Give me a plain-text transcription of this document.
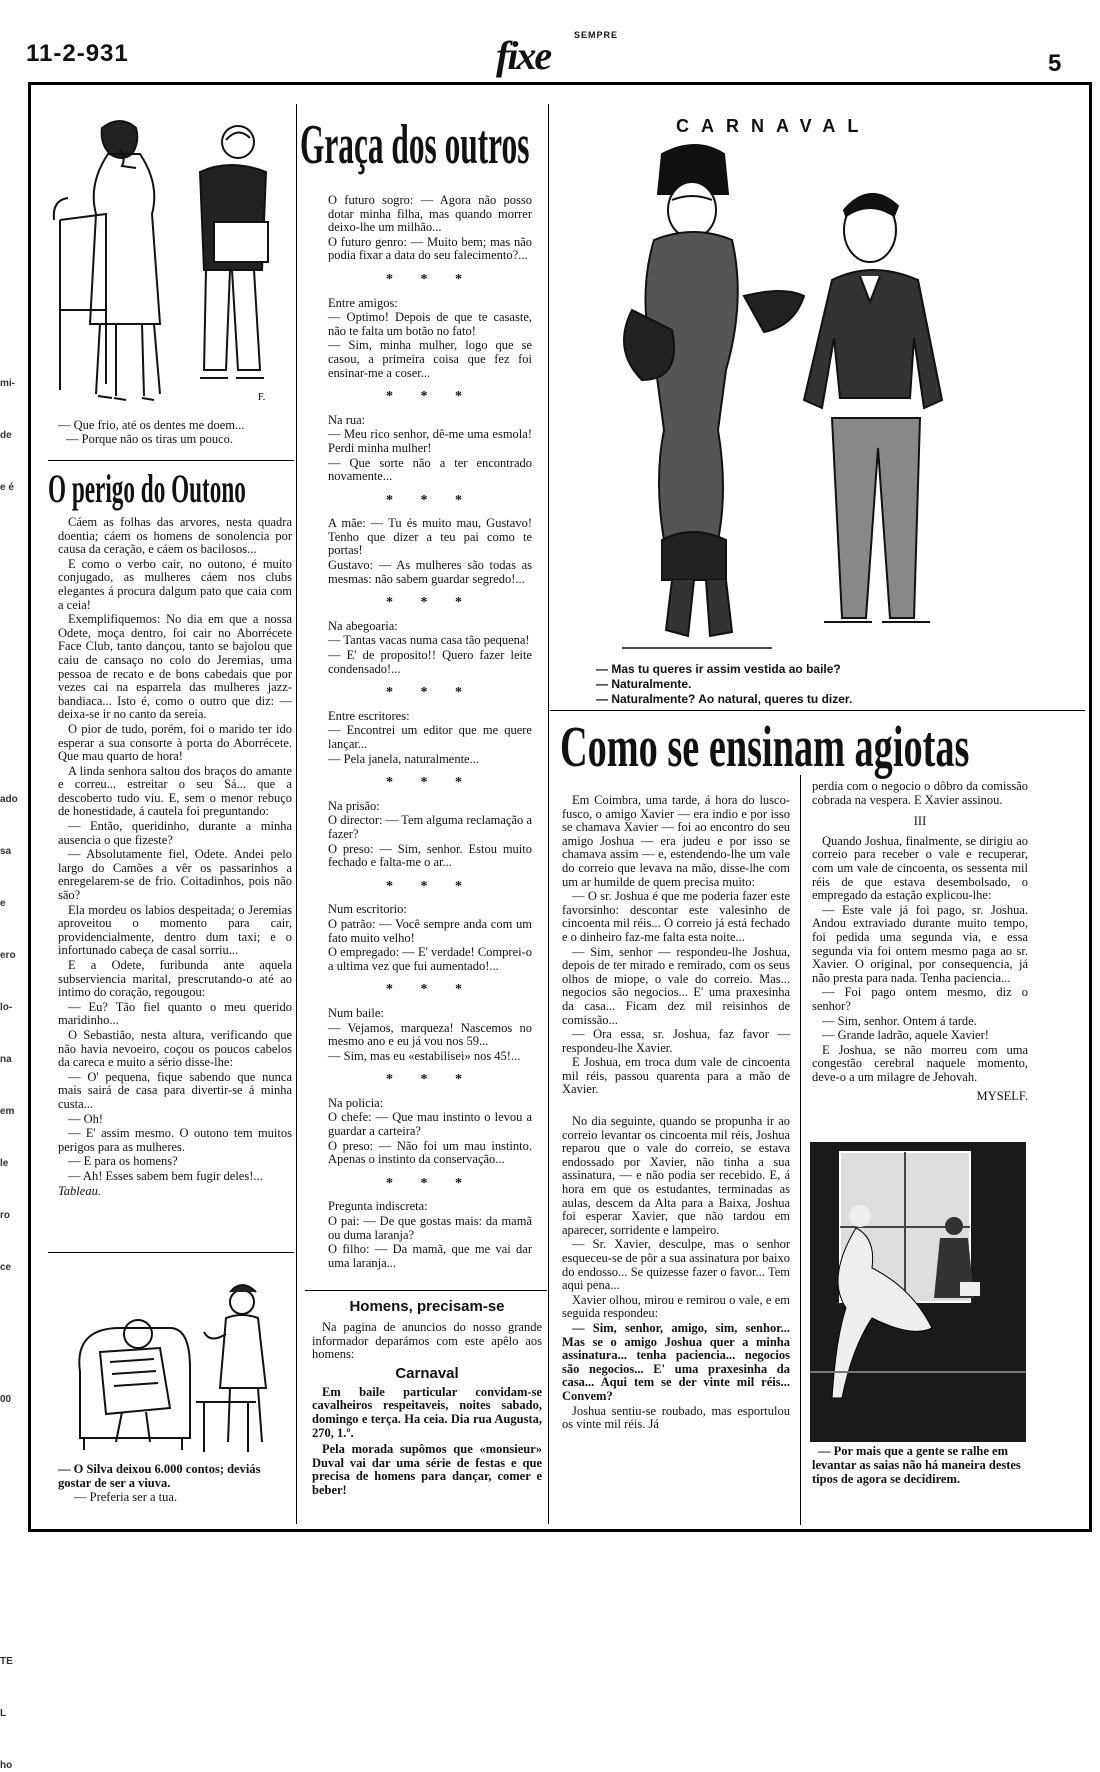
11-2-931
SEMPRE
fixe	5
mi-
de
e é
ado
sa
e
ero
lo-
na
em
le
ro
ce
00
TE
L
ho
F.

— Que frio, até os dentes me doem...

— Porque não os tiras um pouco.

O perigo do Outono

Cáem as folhas das arvores, nesta quadra doentia; cáem os homens de sonolencia por causa da ceração, e cáem os bacilosos...

E como o verbo cair, no outono, é muito conjugado, as mulheres cáem nos clubs elegantes á procura dalgum pato que caia com a ceia!

Exemplifiquemos: No dia em que a nossa Odete, moça dentro, foi cair no Aborrécete Face Club, tanto dançou, tanto se bajolou que caiu de cansaço no colo do Jeremias, uma pessoa de recato e de bons cabedais que por vezes cai na esparrela das mulheres jazz-bandiaca... Isto é, como o outro que diz: — deixa-se ir no canto da sereia.

O pior de tudo, porém, foi o marido ter ido esperar a sua consorte à porta do Aborrécete. Que mau quarto de hora!

A linda senhora saltou dos braços do amante e correu... estreitar o seu Sá... que a descoberto tudo viu. E, sem o menor rebuço de honestidade, á cautela foi preguntando:

— Então, queridinho, durante a minha ausencia o que fizeste?

— Absolutamente fiel, Odete. Andei pelo largo do Camões a vêr os passarinhos a enregelarem-se de frio. Coitadinhos, pois não são?

Ela mordeu os labios despeitada; o Jeremias aproveitou o momento para cair, providencialmente, dentro dum taxi; e o infortunado cabeça de casal sorriu...

E a Odete, furibunda ante aquela subserviencia marital, prescrutando-o até ao intimo do coração, regougou:

— Eu? Tão fiel quanto o meu querido maridinho...

O Sebastião, nesta altura, verificando que não havia nevoeiro, coçou os poucos cabelos da careca e muito a sério disse-lhe:

— O' pequena, fique sabendo que nunca mais sairá de casa para divertir-se á minha custa...

— Oh!

— E' assim mesmo. O outono tem muitos perigos para as mulheres.

— E para os homens?

— Ah! Esses sabem bem fugir deles!...

Tableau.

— O Silva deixou 6.000 contos; deviás gostar de ser a viuva.

— Preferia ser a tua.

Graça dos outros

O futuro sogro: — Agora não posso dotar minha filha, mas quando morrer deixo-lhe um milhão...

O futuro genro: — Muito bem; mas não podia fixar a data do seu falecimento?...

* * *

Entre amigos:

— Optimo! Depois de que te casaste, não te falta um botão no fato!

— Sim, minha mulher, logo que se casou, a primeira coisa que fez foi ensinar-me a coser...

* * *

Na rua:

— Meu rico senhor, dê-me uma esmola! Perdi minha mulher!

— Que sorte não a ter encontrado novamente...

* * *

A mãe: — Tu és muito mau, Gustavo! Tenho que dizer a teu pai como te portas!

Gustavo: — As mulheres são todas as mesmas: não sabem guardar segredo!...

* * *

Na abegoaria:

— Tantas vacas numa casa tão pequena!

— E' de proposito!! Quero fazer leite condensado!...

* * *

Entre escritores:

— Encontrei um editor que me quere lançar...

— Pela janela, naturalmente...

* * *

Na prisão:

O director: — Tem alguma reclamação a fazer?

O preso: — Sim, senhor. Estou muito fechado e falta-me o ar...

* * *

Num escritorio:

O patrão: — Você sempre anda com um fato muito velho!

O empregado: — E' verdade! Comprei-o a ultima vez que fui aumentado!...

* * *

Num baile:

— Vejamos, marqueza! Nascemos no mesmo ano e eu já vou nos 59...

— Sim, mas eu «estabilisei» nos 45!...

* * *

Na policia:

O chefe: — Que mau instinto o levou a guardar a carteira?

O preso: — Não foi um mau instinto. Apenas o instinto da conservação...

* * *

Pregunta indiscreta:

O pai: — De que gostas mais: da mamã ou duma laranja?

O filho: — Da mamã, que me vai dar uma laranja...

Homens, precisam-se

Na pagina de anuncios do nosso grande informador deparámos com este apêlo aos homens:

Carnaval

Em baile particular convidam-se cavalheiros respeitaveis, noites sabado, domingo e terça. Ha ceia. Dia rua Augusta, 270, 1.º.

Pela morada supômos que «monsieur» Duval vai dar uma série de festas e que precisa de homens para dançar, comer e beber!

CARNAVAL

— Mas tu queres ir assim vestida ao baile?

— Naturalmente.

— Naturalmente? Ao natural, queres tu dizer.

Como se ensinam agiotas

Em Coimbra, uma tarde, á hora do lusco-fusco, o amigo Xavier — era indio e por isso se chamava Xavier — foi ao encontro do seu amigo Joshua — era judeu e por isso se chamava assim — e, estendendo-lhe um vale do correio que levava na mão, disse-lhe com um ar humilde de quem precisa muito:

— O sr. Joshua é que me poderia fazer este favorsinho: descontar este valesinho de cincoenta mil réis... O correio já está fechado e o dinheiro faz-me falta esta noite...

— Sim, senhor — respondeu-lhe Joshua, depois de ter mirado e remirado, com os seus olhos de miope, o vale do correio. Mas... negocios são negocios... E' uma praxesinha da casa... Ficam dez mil reisinhos de comissão...

— Ora essa, sr. Joshua, faz favor — respondeu-lhe Xavier.

E Joshua, em troca dum vale de cincoenta mil réis, passou quarenta para a mão de Xavier.

No dia seguinte, quando se propunha ir ao correio levantar os cincoenta mil réis, Joshua reparou que o vale do correio, se estava endossado por Xavier, não tinha a sua assinatura, — e não podia ser recebido. E, á hora em que os estudantes, terminadas as aulas, descem da Alta para a Baixa, Joshua foi esperar Xavier, que não tardou em aparecer, sorridente e lampeiro.

— Sr. Xavier, desculpe, mas o senhor esqueceu-se de pôr a sua assinatura por baixo do endosso... Se quizesse fazer o favor... Tem aqui pena...

Xavier olhou, mirou e remirou o vale, e em seguida respondeu:

— Sim, senhor, amigo, sim, senhor... Mas se o amigo Joshua quer a minha assinatura... tenha paciencia... negocios são negocios... E' uma praxesinha da casa... Aqui tem se der vinte mil réis... Convem?

Joshua sentiu-se roubado, mas esportulou os vinte mil réis. Já

perdia com o negocio o dôbro da comissão cobrada na vespera. E Xavier assinou.

III

Quando Joshua, finalmente, se dirigiu ao correio para receber o vale e recuperar, com um vale de cincoenta, os sessenta mil réis de que estava desembolsado, o empregado da estação explicou-lhe:

— Este vale já foi pago, sr. Joshua. Andou extraviado durante muito tempo, foi pedida uma segunda via, e essa segunda via foi ontem mesmo paga ao sr. Xavier. O original, por consequencia, já não presta para nada. Tenha paciencia...

— Foi pago ontem mesmo, diz o senhor?

— Sim, senhor. Ontem á tarde.

— Grande ladrão, aquele Xavier!

E Joshua, se não morreu com uma congestão cerebral naquele momento, deve-o a um milagre de Jehovah.

MYSELF.

— Por mais que a gente se ralhe em levantar as saias não há maneira destes tipos de agora se decidirem.
